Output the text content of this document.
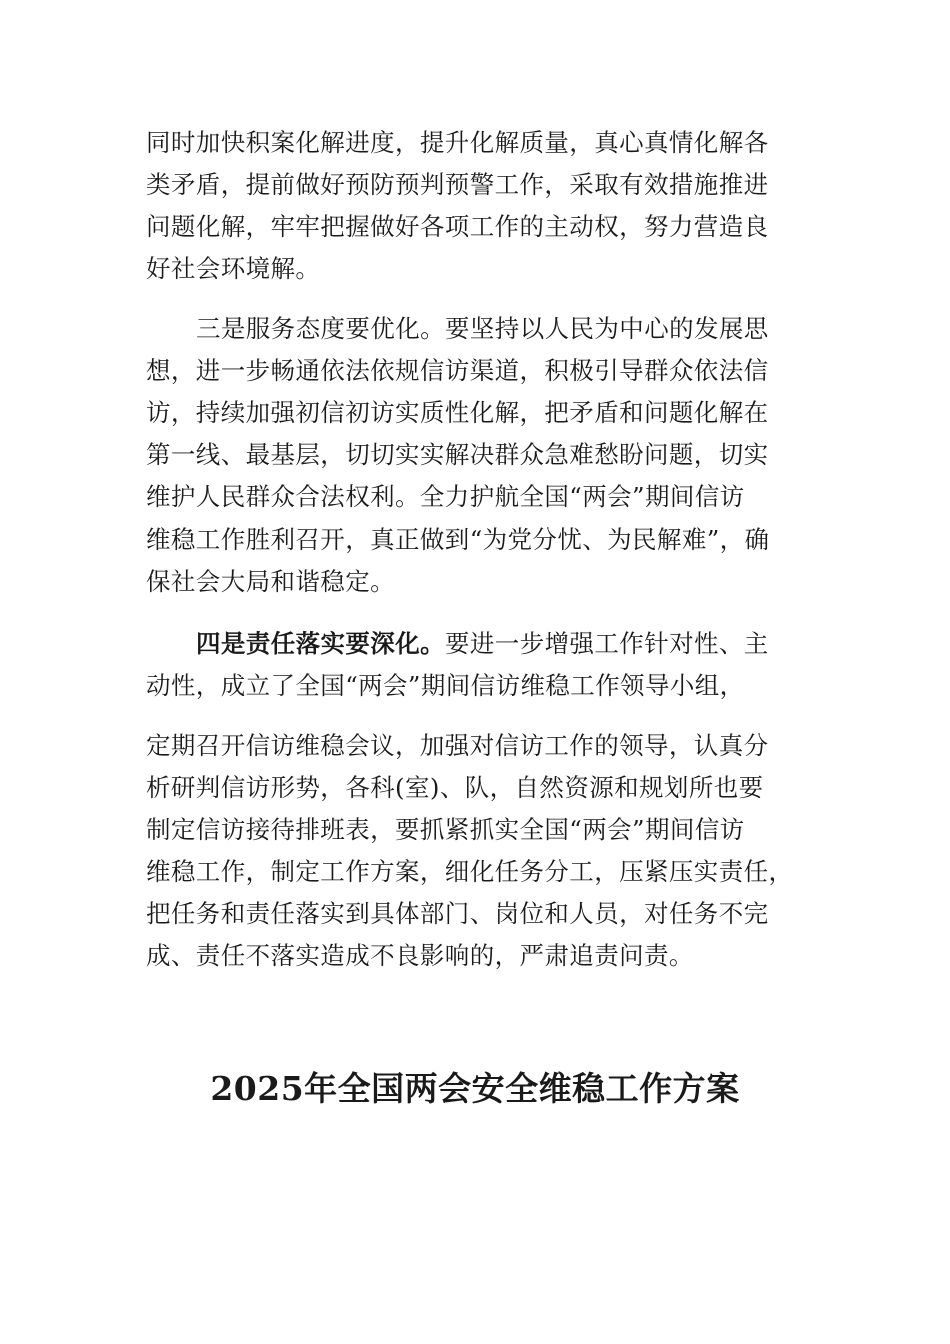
同时加快积案化解进度，提升化解质量，真心真情化解各
类矛盾，提前做好预防预判预警工作，采取有效措施推进
问题化解，牢牢把握做好各项工作的主动权，努力营造良
好社会环境解。
三是服务态度要优化。要坚持以人民为中心的发展思
想，进一步畅通依法依规信访渠道，积极引导群众依法信
访，持续加强初信初访实质性化解，把矛盾和问题化解在
第一线、最基层，切切实实解决群众急难愁盼问题，切实
维护人民群众合法权利。全力护航全国“两会”期间信访
维稳工作胜利召开，真正做到“为党分忧、为民解难”，确
保社会大局和谐稳定。
四是责任落实要深化。要进一步增强工作针对性、主
动性，成立了全国“两会”期间信访维稳工作领导小组，
定期召开信访维稳会议，加强对信访工作的领导，认真分
析研判信访形势，各科(室)、队，自然资源和规划所也要
制定信访接待排班表，要抓紧抓实全国“两会”期间信访
维稳工作，制定工作方案，细化任务分工，压紧压实责任，
把任务和责任落实到具体部门、岗位和人员，对任务不完
成、责任不落实造成不良影响的，严肃追责问责。
2025年全国两会安全维稳工作方案
